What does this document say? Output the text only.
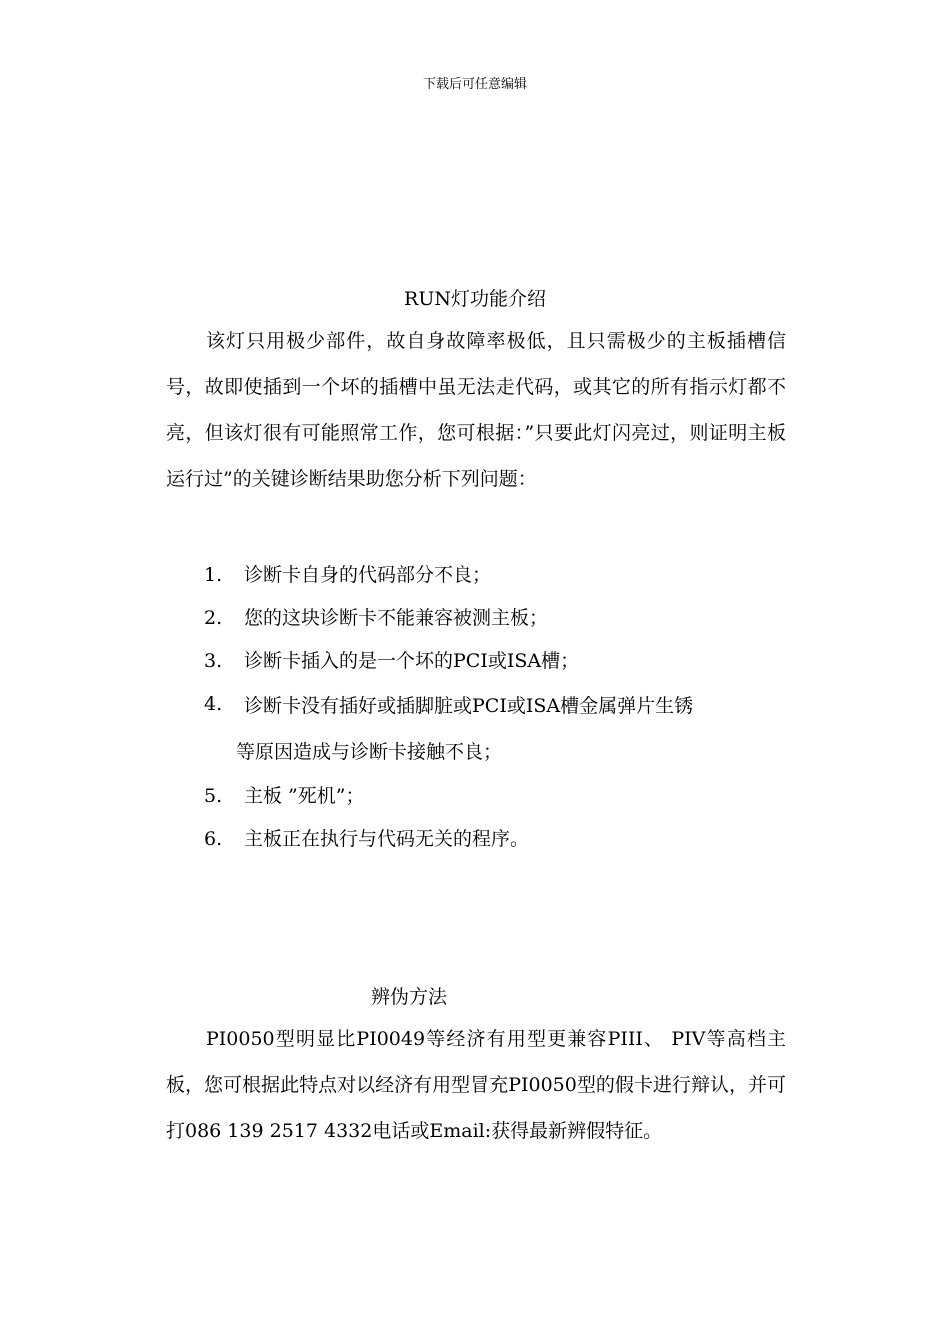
下载后可任意编辑
RUN灯功能介绍
该灯只用极少部件，故自身故障率极低，且只需极少的主板插槽信号，故即使插到一个坏的插槽中虽无法走代码，或其它的所有指示灯都不亮，但该灯很有可能照常工作，您可根据：”只要此灯闪亮过，则证明主板运行过”的关键诊断结果助您分析下列问题：
1.	诊断卡自身的代码部分不良；
2.	您的这块诊断卡不能兼容被测主板；
3.	诊断卡插入的是一个坏的PCI或ISA槽；
4.	诊断卡没有插好或插脚脏或PCI或ISA槽金属弹片生锈
等原因造成与诊断卡接触不良；
5.	主板 ”死机”；
6.	主板正在执行与代码无关的程序。
辨伪方法
PI0050型明显比PI0049等经济有用型更兼容PIII、 PIV等高档主板，您可根据此特点对以经济有用型冒充PI0050型的假卡进行辩认，并可打086 139 2517 4332电话或Email:获得最新辨假特征。
